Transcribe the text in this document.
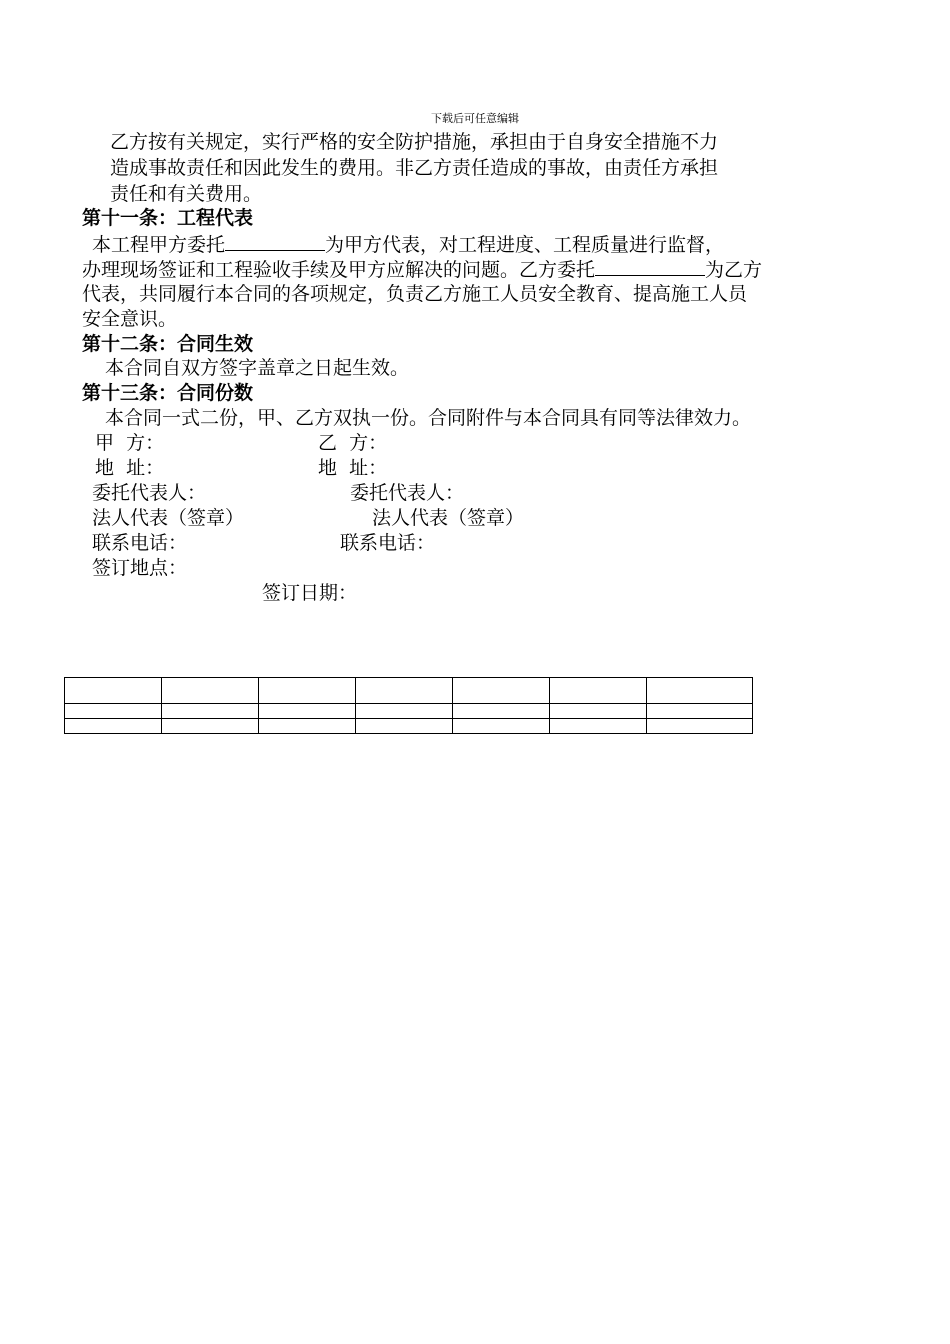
下载后可任意编辑
乙方按有关规定，实行严格的安全防护措施，承担由于自身安全措施不力
造成事故责任和因此发生的费用。非乙方责任造成的事故，由责任方承担
责任和有关费用。
第十一条：工程代表
本工程甲方委托	为甲方代表，对工程进度、工程质量进行监督，
办理现场签证和工程验收手续及甲方应解决的问题。乙方委托	为乙方
代表，共同履行本合同的各项规定，负责乙方施工人员安全教育、提高施工人员
安全意识。
第十二条：合同生效
本合同自双方签字盖章之日起生效。
第十三条：合同份数
本合同一式二份，甲、乙方双执一份。合同附件与本合同具有同等法律效力。
甲  方：	乙  方：
地  址：	地  址：
委托代表人：	委托代表人：
法人代表（签章）	法人代表（签章）
联系电话：	联系电话：
签订地点：
签订日期：
